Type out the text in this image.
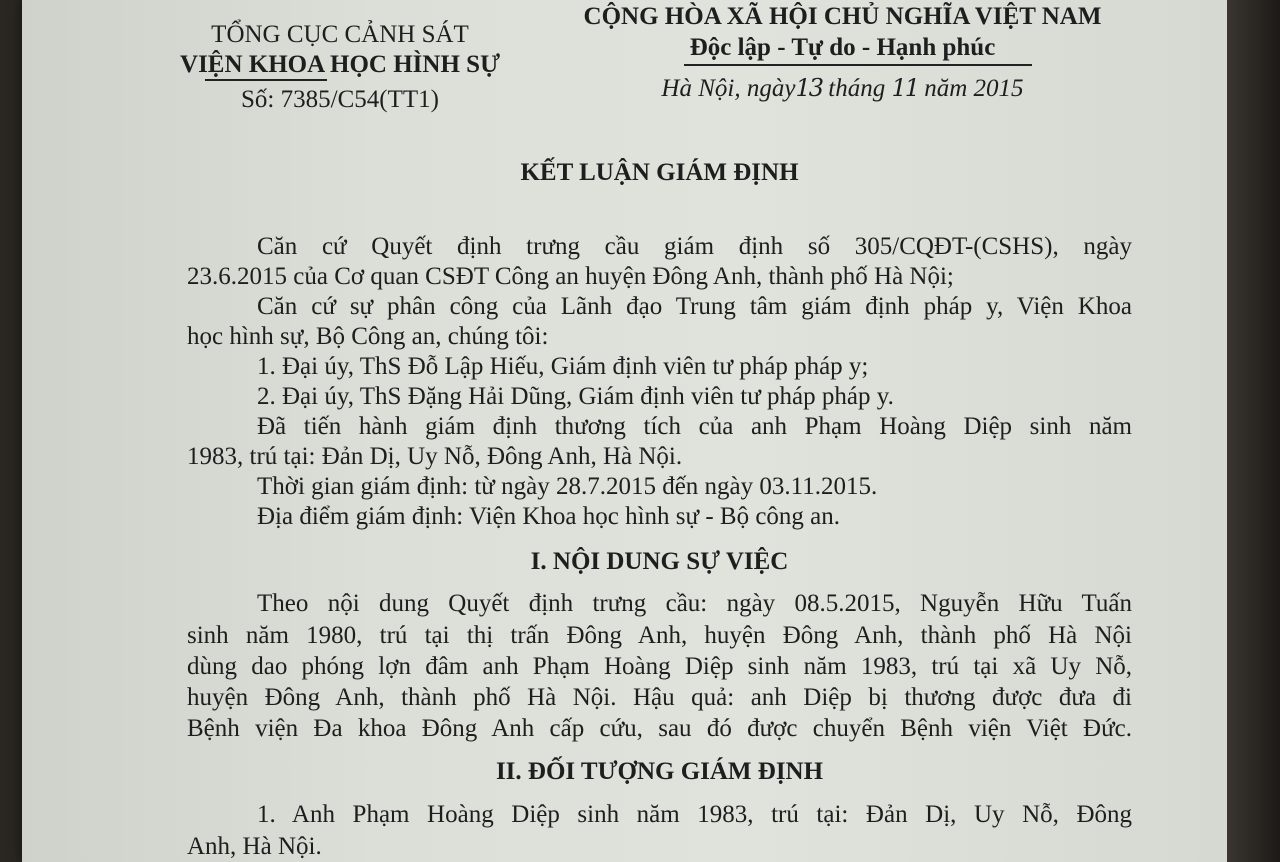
TỔNG CỤC CẢNH SÁT
VIỆN KHOA HỌC HÌNH SỰ
Số: 7385/C54(TT1)
CỘNG HÒA XÃ HỘI CHỦ NGHĨA VIỆT NAM
Độc lập - Tự do - Hạnh phúc
Hà Nội, ngày13 tháng 11 năm 2015
KẾT LUẬN GIÁM ĐỊNH
Căn cứ Quyết định trưng cầu giám định số 305/CQĐT-(CSHS), ngày
23.6.2015 của Cơ quan CSĐT Công an huyện Đông Anh, thành phố Hà Nội;
Căn cứ sự phân công của Lãnh đạo Trung tâm giám định pháp y, Viện Khoa
học hình sự, Bộ Công an, chúng tôi:
1. Đại úy, ThS Đỗ Lập Hiếu, Giám định viên tư pháp pháp y;
2. Đại úy, ThS Đặng Hải Dũng, Giám định viên tư pháp pháp y.
Đã tiến hành giám định thương tích của anh Phạm Hoàng Diệp sinh năm
1983, trú tại: Đản Dị, Uy Nỗ, Đông Anh, Hà Nội.
Thời gian giám định: từ ngày 28.7.2015 đến ngày 03.11.2015.
Địa điểm giám định: Viện Khoa học hình sự - Bộ công an.
I. NỘI DUNG SỰ VIỆC
Theo nội dung Quyết định trưng cầu: ngày 08.5.2015, Nguyễn Hữu Tuấn
sinh năm 1980, trú tại thị trấn Đông Anh, huyện Đông Anh, thành phố Hà Nội
dùng dao phóng lợn đâm anh Phạm Hoàng Diệp sinh năm 1983, trú tại xã Uy Nỗ,
huyện Đông Anh, thành phố Hà Nội. Hậu quả: anh Diệp bị thương được đưa đi
Bệnh viện Đa khoa Đông Anh cấp cứu, sau đó được chuyển Bệnh viện Việt Đức.
II. ĐỐI TƯỢNG GIÁM ĐỊNH
1. Anh Phạm Hoàng Diệp sinh năm 1983, trú tại: Đản Dị, Uy Nỗ, Đông
Anh, Hà Nội.
